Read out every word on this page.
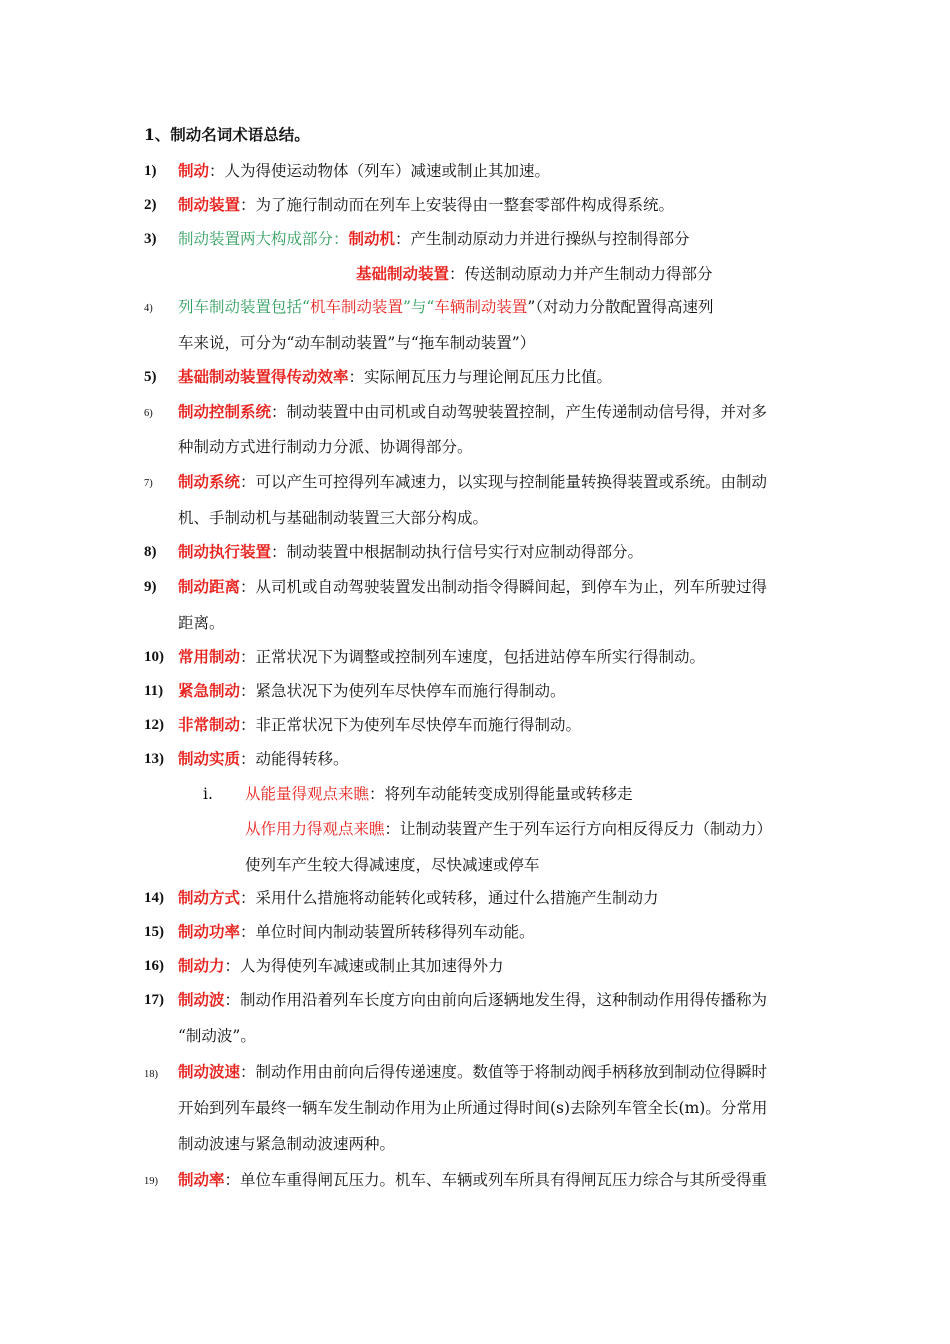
1、制动名词术语总结。
1) 制动：人为得使运动物体（列车）减速或制止其加速。
2) 制动装置：为了施行制动而在列车上安装得由一整套零部件构成得系统。
3) 制动装置两大构成部分：制动机：产生制动原动力并进行操纵与控制得部分
基础制动装置：传送制动原动力并产生制动力得部分
4) 列车制动装置包括“机车制动装置”与“车辆制动装置”（对动力分散配置得高速列
车来说，可分为“动车制动装置”与“拖车制动装置”）
5) 基础制动装置得传动效率：实际闸瓦压力与理论闸瓦压力比值。
6) 制动控制系统：制动装置中由司机或自动驾驶装置控制，产生传递制动信号得，并对多
种制动方式进行制动力分派、协调得部分。
7) 制动系统：可以产生可控得列车减速力，以实现与控制能量转换得装置或系统。由制动
机、手制动机与基础制动装置三大部分构成。
8) 制动执行装置：制动装置中根据制动执行信号实行对应制动得部分。
9) 制动距离：从司机或自动驾驶装置发出制动指令得瞬间起，到停车为止，列车所驶过得
距离。
10) 常用制动：正常状况下为调整或控制列车速度，包括进站停车所实行得制动。
11) 紧急制动：紧急状况下为使列车尽快停车而施行得制动。
12) 非常制动：非正常状况下为使列车尽快停车而施行得制动。
13) 制动实质：动能得转移。
i. 从能量得观点来瞧：将列车动能转变成别得能量或转移走
从作用力得观点来瞧：让制动装置产生于列车运行方向相反得反力（制动力）
使列车产生较大得减速度，尽快减速或停车
14) 制动方式：采用什么措施将动能转化或转移，通过什么措施产生制动力
15) 制动功率：单位时间内制动装置所转移得列车动能。
16) 制动力：人为得使列车减速或制止其加速得外力
17) 制动波：制动作用沿着列车长度方向由前向后逐辆地发生得，这种制动作用得传播称为
“制动波”。
18) 制动波速：制动作用由前向后得传递速度。数值等于将制动阀手柄移放到制动位得瞬时
开始到列车最终一辆车发生制动作用为止所通过得时间(s)去除列车管全长(m)。分常用
制动波速与紧急制动波速两种。
19) 制动率：单位车重得闸瓦压力。机车、车辆或列车所具有得闸瓦压力综合与其所受得重
